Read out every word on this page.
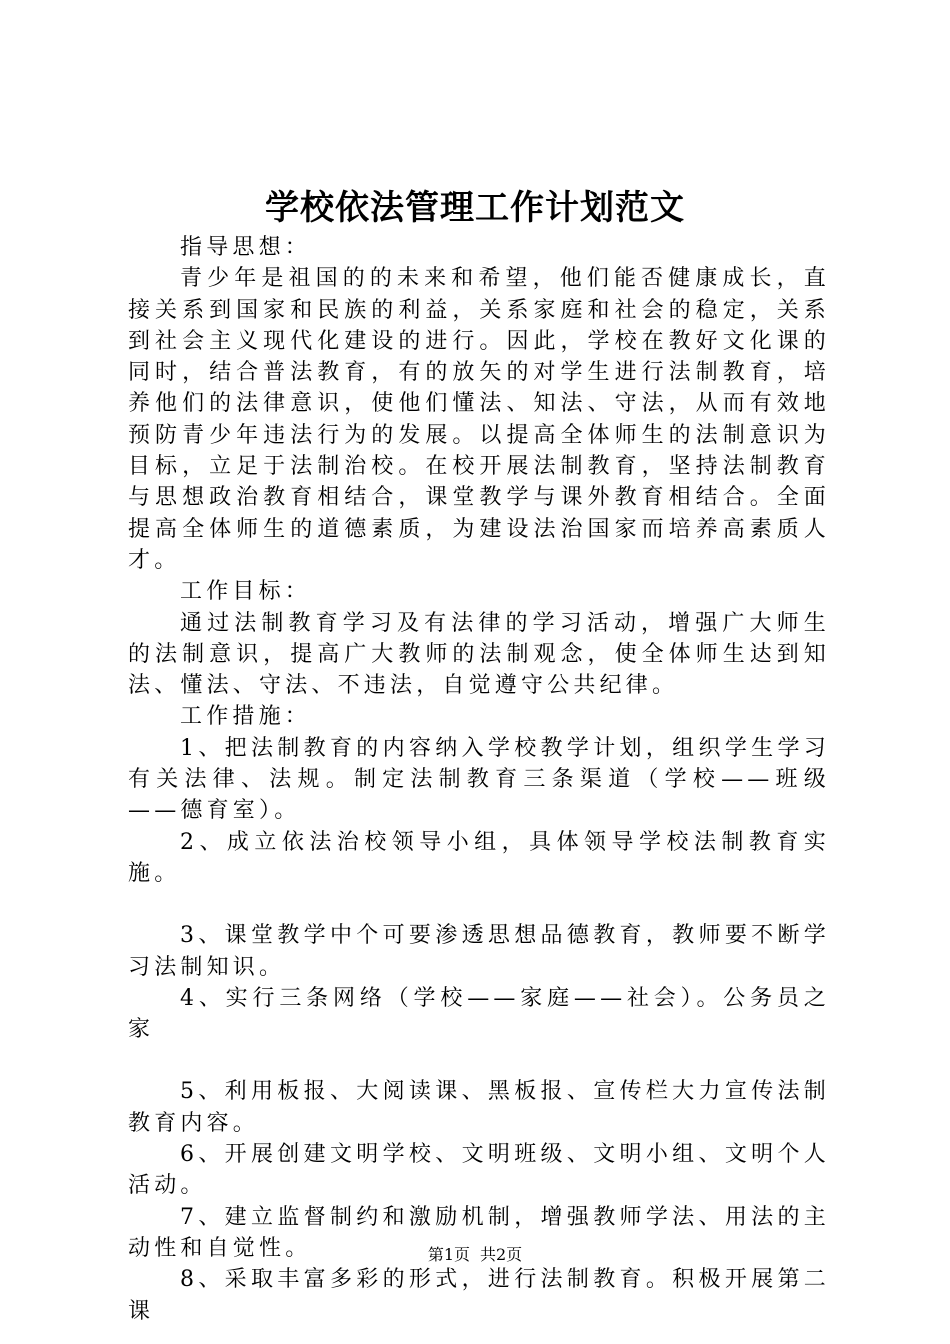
学校依法管理工作计划范文

指导思想：

青少年是祖国的的未来和希望，他们能否健康成长，直接关系到国家和民族的利益，关系家庭和社会的稳定，关系到社会主义现代化建设的进行。因此，学校在教好文化课的同时，结合普法教育，有的放矢的对学生进行法制教育，培养他们的法律意识，使他们懂法、知法、守法，从而有效地预防青少年违法行为的发展。以提高全体师生的法制意识为目标，立足于法制治校。在校开展法制教育，坚持法制教育与思想政治教育相结合，课堂教学与课外教育相结合。全面提高全体师生的道德素质，为建设法治国家而培养高素质人才。

工作目标：

通过法制教育学习及有法律的学习活动，增强广大师生的法制意识，提高广大教师的法制观念，使全体师生达到知法、懂法、守法、不违法，自觉遵守公共纪律。

工作措施：

1、把法制教育的内容纳入学校教学计划，组织学生学习有关法律、法规。制定法制教育三条渠道（学校——班级——德育室）。

2、成立依法治校领导小组，具体领导学校法制教育实施。

3、课堂教学中个可要渗透思想品德教育，教师要不断学习法制知识。

4、实行三条网络（学校——家庭——社会）。公务员之家

5、利用板报、大阅读课、黑板报、宣传栏大力宣传法制教育内容。

6、开展创建文明学校、文明班级、文明小组、文明个人活动。

7、建立监督制约和激励机制，增强教师学法、用法的主动性和自觉性。

8、采取丰富多彩的形式，进行法制教育。积极开展第二课

第1页 共2页
